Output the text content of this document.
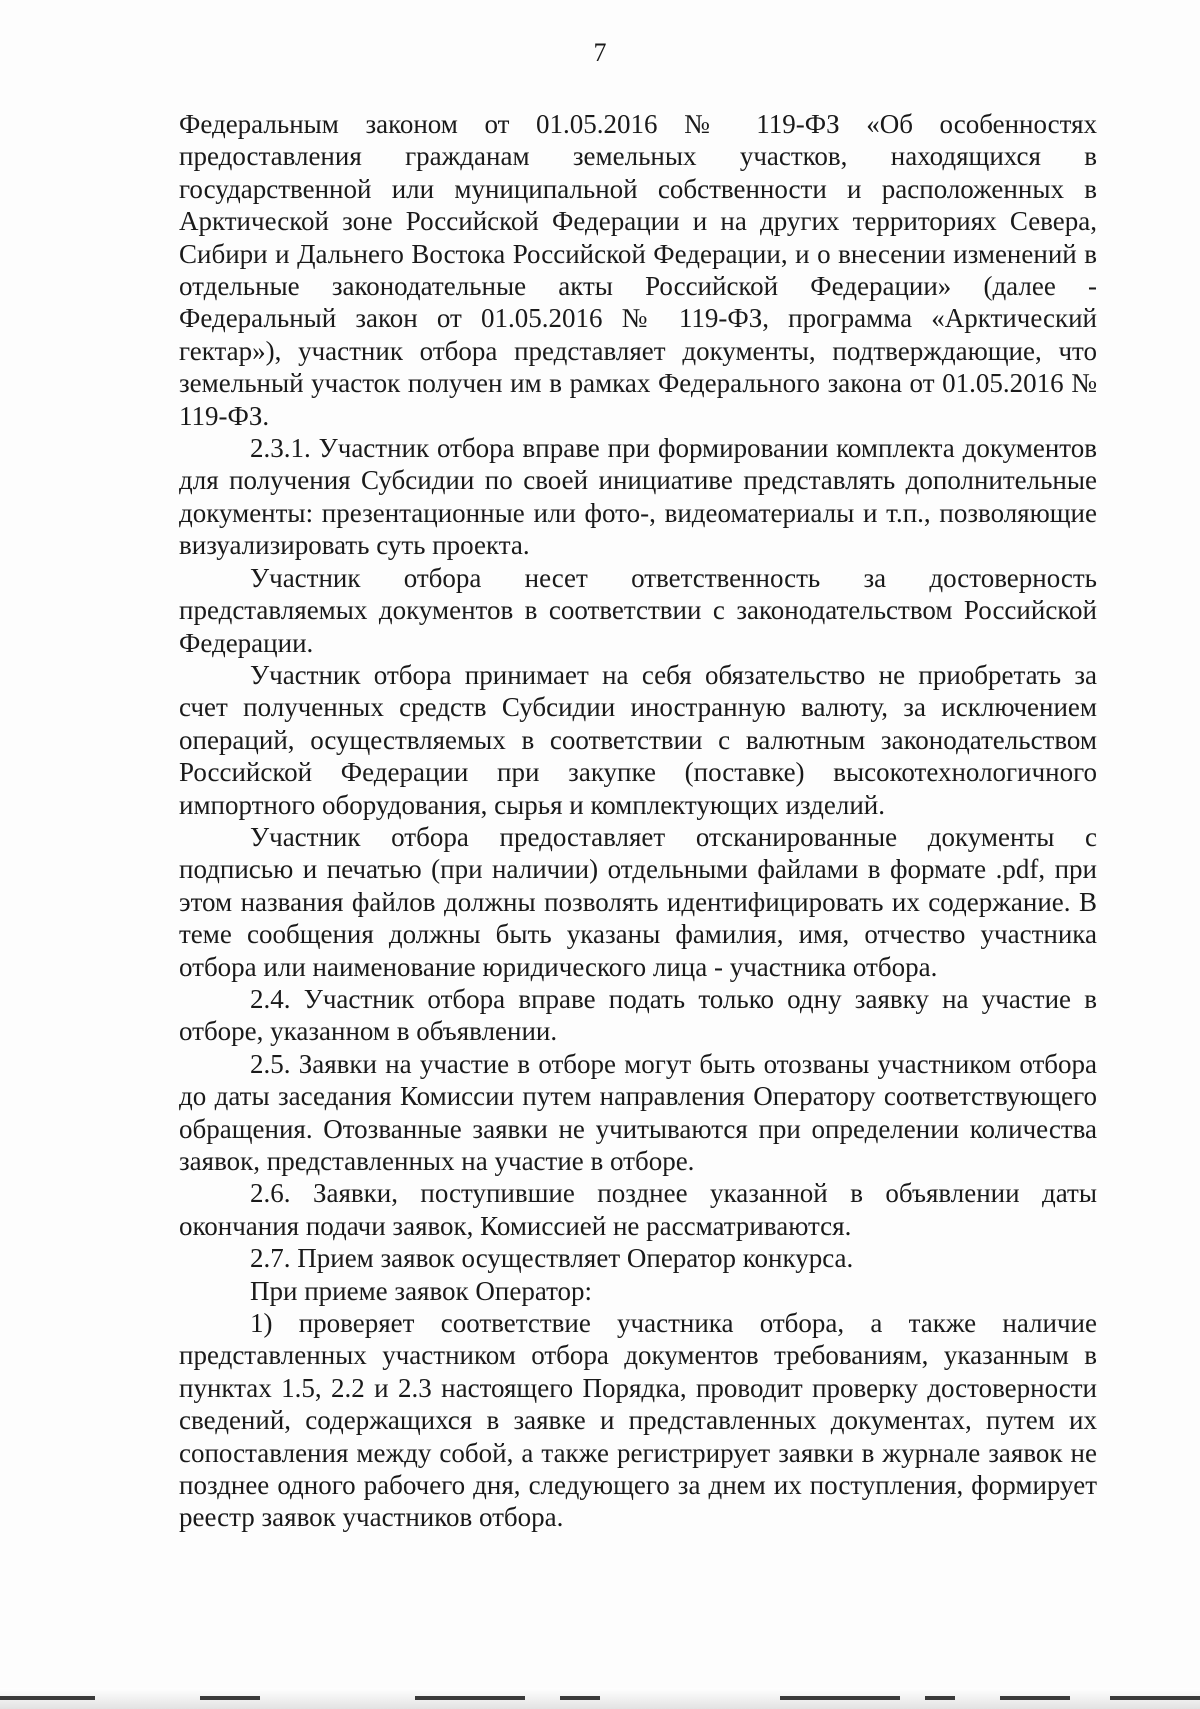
7

Федеральным законом от 01.05.2016 № 119-ФЗ «Об особенностях предоставления гражданам земельных участков, находящихся в государственной или муниципальной собственности и расположенных в Арктической зоне Российской Федерации и на других территориях Севера, Сибири и Дальнего Востока Российской Федерации, и о внесении изменений в отдельные законодательные акты Российской Федерации» (далее - Федеральный закон от 01.05.2016 № 119-ФЗ, программа «Арктический гектар»), участник отбора представляет документы, подтверждающие, что земельный участок получен им в рамках Федерального закона от 01.05.2016 № 119-ФЗ.

2.3.1. Участник отбора вправе при формировании комплекта документов для получения Субсидии по своей инициативе представлять дополнительные документы: презентационные или фото-, видеоматериалы и т.п., позволяющие визуализировать суть проекта.

Участник отбора несет ответственность за достоверность представляемых документов в соответствии с законодательством Российской Федерации.

Участник отбора принимает на себя обязательство не приобретать за счет полученных средств Субсидии иностранную валюту, за исключением операций, осуществляемых в соответствии с валютным законодательством Российской Федерации при закупке (поставке) высокотехнологичного импортного оборудования, сырья и комплектующих изделий.

Участник отбора предоставляет отсканированные документы с подписью и печатью (при наличии) отдельными файлами в формате .pdf, при этом названия файлов должны позволять идентифицировать их содержание. В теме сообщения должны быть указаны фамилия, имя, отчество участника отбора или наименование юридического лица - участника отбора.

2.4. Участник отбора вправе подать только одну заявку на участие в отборе, указанном в объявлении.

2.5. Заявки на участие в отборе могут быть отозваны участником отбора до даты заседания Комиссии путем направления Оператору соответствующего обращения. Отозванные заявки не учитываются при определении количества заявок, представленных на участие в отборе.

2.6. Заявки, поступившие позднее указанной в объявлении даты окончания подачи заявок, Комиссией не рассматриваются.

2.7. Прием заявок осуществляет Оператор конкурса.

При приеме заявок Оператор:

1) проверяет соответствие участника отбора, а также наличие представленных участником отбора документов требованиям, указанным в пунктах 1.5, 2.2 и 2.3 настоящего Порядка, проводит проверку достоверности сведений, содержащихся в заявке и представленных документах, путем их сопоставления между собой, а также регистрирует заявки в журнале заявок не позднее одного рабочего дня, следующего за днем их поступления, формирует реестр заявок участников отбора.
